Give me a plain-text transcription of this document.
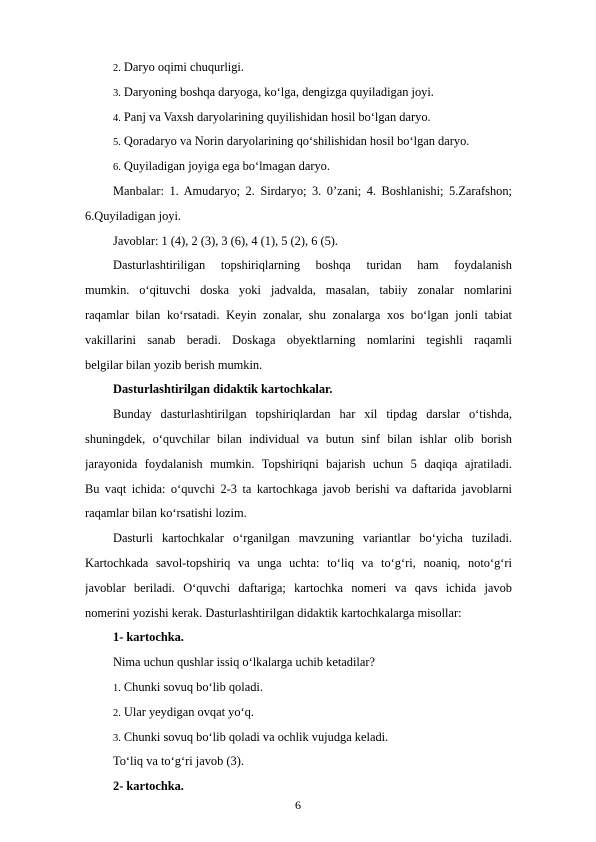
2. Daryo oqimi chuqurligi.
3. Daryoning boshqa daryoga, koʻlga, dengizga quyiladigan joyi.
4. Panj va Vaxsh daryolarining quyilishidan hosil boʻlgan daryo.
5. Qoradaryo va Norin daryolarining qoʻshilishidan hosil boʻlgan daryo.
6. Quyiladigan joyiga ega boʻlmagan daryo.
Manbalar: 1. Amudaryo; 2. Sirdaryo; 3. 0’zani; 4. Boshlanishi; 5.Zarafshon;
6.Quyiladigan joyi.
Javoblar: 1 (4), 2 (3), 3 (6), 4 (1), 5 (2), 6 (5).
Dasturlashtiriligan topshiriqlarning boshqa turidan ham foydalanish
mumkin. oʻqituvchi doska yoki jadvalda, masalan, tabiiy zonalar nomlarini
raqamlar bilan koʻrsatadi. Keyin zonalar, shu zonalarga xos boʻlgan jonli tabiat
vakillarini sanab beradi. Doskaga obyektlarning nomlarini tegishli raqamli
belgilar bilan yozib berish mumkin.
Dasturlashtirilgan didaktik kartochkalar.
Bunday dasturlashtirilgan topshiriqlardan har xil tipdag darslar oʻtishda,
shuningdek, oʻquvchilar bilan individual va butun sinf bilan ishlar olib borish
jarayonida foydalanish mumkin. Topshiriqni bajarish uchun 5 daqiqa ajratiladi.
Bu vaqt ichida: oʻquvchi 2-3 ta kartochkaga javob berishi va daftarida javoblarni
raqamlar bilan koʻrsatishi lozim.
Dasturli kartochkalar oʻrganilgan mavzuning variantlar boʻyicha tuziladi.
Kartochkada savol-topshiriq va unga uchta: toʻliq va toʻgʻri, noaniq, notoʻgʻri
javoblar beriladi. Oʻquvchi daftariga; kartochka nomeri va qavs ichida javob
nomerini yozishi kerak. Dasturlashtirilgan didaktik kartochkalarga misollar:
1- kartochka.
Nima uchun qushlar issiq oʻlkalarga uchib ketadilar?
1. Chunki sovuq boʻlib qoladi.
2. Ular yeydigan ovqat yoʻq.
3. Chunki sovuq boʻlib qoladi va ochlik vujudga keladi.
Toʻliq va toʻgʻri javob (3).
2- kartochka.
6
